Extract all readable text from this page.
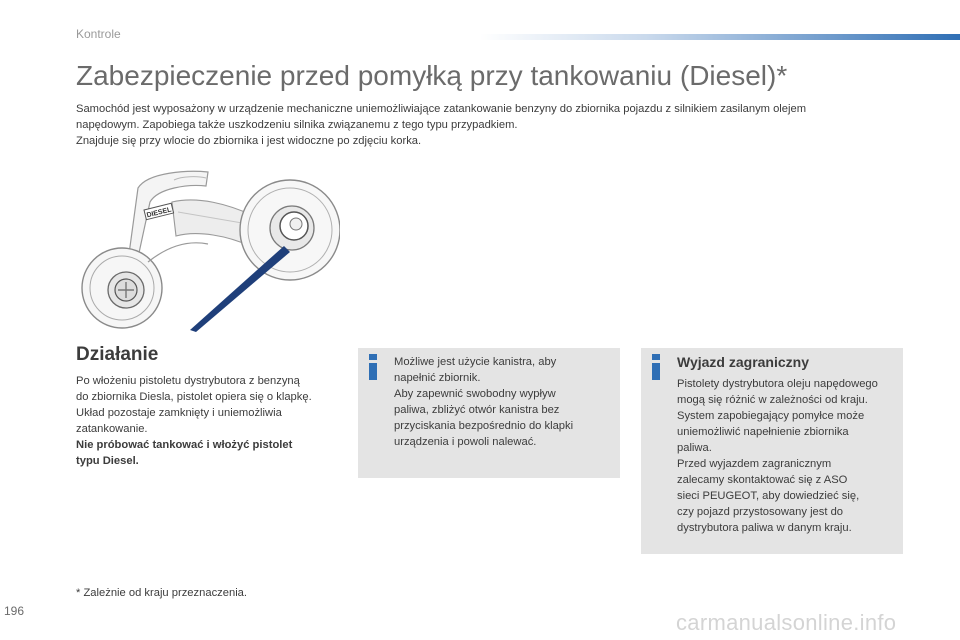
Kontrole
Zabezpieczenie przed pomyłką przy tankowaniu (Diesel)*

Samochód jest wyposażony w urządzenie mechaniczne uniemożliwiające zatankowanie benzyny do zbiornika pojazdu z silnikiem zasilanym olejem

napędowym. Zapobiega także uszkodzeniu silnika związanemu z tego typu przypadkiem.

Znajduje się przy wlocie do zbiornika i jest widoczne po zdjęciu korka.

DIESEL
Działanie

Po włożeniu pistoletu dystrybutora z benzyną

do zbiornika Diesla, pistolet opiera się o klapkę.

Układ pozostaje zamknięty i uniemożliwia

zatankowanie.

Nie próbować tankować i włożyć pistolet

typu Diesel.

Możliwe jest użycie kanistra, aby

napełnić zbiornik.

Aby zapewnić swobodny wypływ

paliwa, zbliżyć otwór kanistra bez

przyciskania bezpośrednio do klapki

urządzenia i powoli nalewać.

Wyjazd zagraniczny

Pistolety dystrybutora oleju napędowego

mogą się różnić w zależności od kraju.

System zapobiegający pomyłce może

uniemożliwić napełnienie zbiornika

paliwa.

Przed wyjazdem zagranicznym

zalecamy skontaktować się z ASO

sieci PEUGEOT, aby dowiedzieć się,

czy pojazd przystosowany jest do

dystrybutora paliwa w danym kraju.

* Zależnie od kraju przeznaczenia.
196	carmanualsonline.info
